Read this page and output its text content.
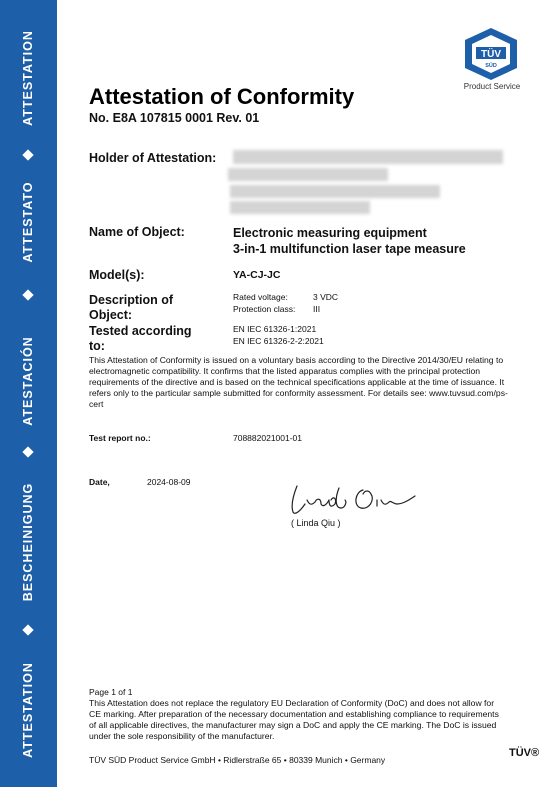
ATTESTATION
ATTESTATO
ATESTACIÓN
BESCHEINIGUNG
ATTESTATION
TÜV
SÜD
Product Service
Attestation of Conformity
No. E8A 107815 0001 Rev. 01
Holder of Attestation:
Name of Object:	Electronic measuring equipment
3-in-1 multifunction laser tape measure
Model(s):	YA-CJ-JC
Description of Object:
Rated voltage:	3 VDC
Protection class: III
Tested according to:
EN IEC 61326-1:2021
EN IEC 61326-2-2:2021
This Attestation of Conformity is issued on a voluntary basis according to the Directive 2014/30/EU relating to electromagnetic compatibility. It confirms that the listed apparatus complies with the principal protection requirements of the directive and is based on the technical specifications applicable at the time of issuance. It refers only to the particular sample submitted for conformity assessment. For details see: www.tuvsud.com/ps-cert
Test report no.:	708882021001-01
Date,	2024-08-09
( Linda Qiu )
Page 1 of 1
This Attestation does not replace the regulatory EU Declaration of Conformity (DoC) and does not allow for CE marking. After preparation of the necessary documentation and establishing compliance to requirements of all applicable directives, the manufacturer may sign a DoC and apply the CE marking. The DoC is issued under the sole responsibility of the manufacturer.
TÜV SÜD Product Service GmbH • Ridlerstraße 65 • 80339 Munich • Germany
TÜV®
